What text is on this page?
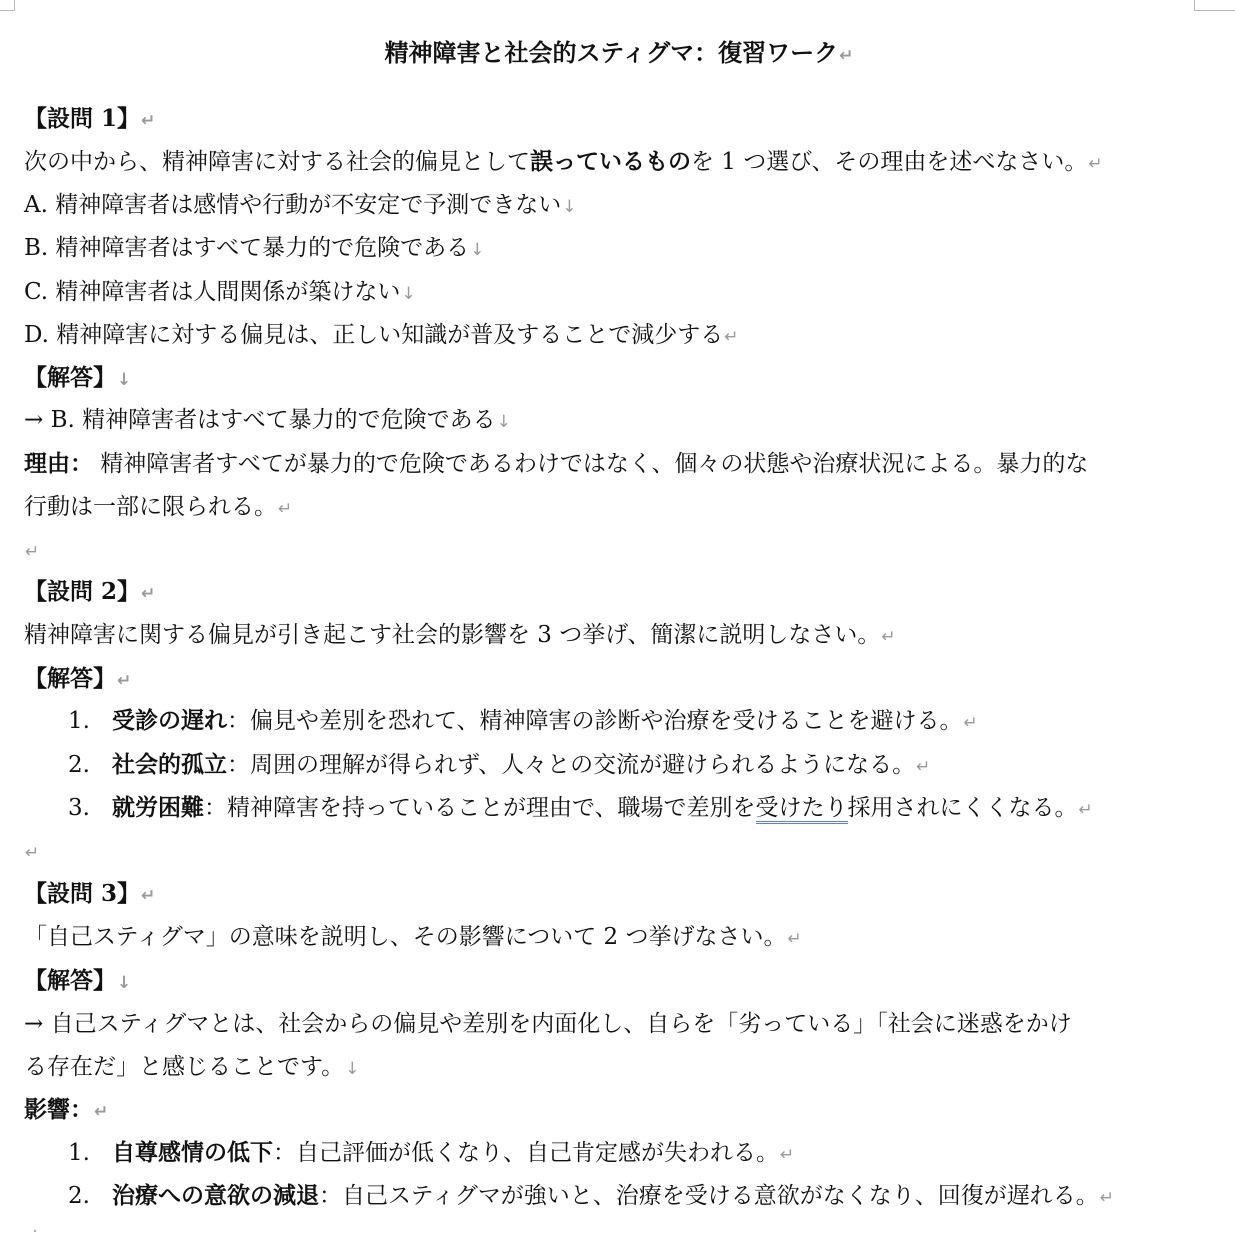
精神障害と社会的スティグマ：復習ワーク↵
【設問 1】↵
次の中から、精神障害に対する社会的偏見として誤っているものを 1 つ選び、その理由を述べなさい。↵
A. 精神障害者は感情や行動が不安定で予測できない↓
B. 精神障害者はすべて暴力的で危険である↓
C. 精神障害者は人間関係が築けない↓
D. 精神障害に対する偏見は、正しい知識が普及することで減少する↵
【解答】↓
→ B. 精神障害者はすべて暴力的で危険である↓
理由： 精神障害者すべてが暴力的で危険であるわけではなく、個々の状態や治療状況による。暴力的な
行動は一部に限られる。↵
↵
【設問 2】↵
精神障害に関する偏見が引き起こす社会的影響を 3 つ挙げ、簡潔に説明しなさい。↵
【解答】↵
1. 受診の遅れ：偏見や差別を恐れて、精神障害の診断や治療を受けることを避ける。↵
2. 社会的孤立：周囲の理解が得られず、人々との交流が避けられるようになる。↵
3. 就労困難：精神障害を持っていることが理由で、職場で差別を受けたり採用されにくくなる。↵
↵
【設問 3】↵
「自己スティグマ」の意味を説明し、その影響について 2 つ挙げなさい。↵
【解答】↓
→ 自己スティグマとは、社会からの偏見や差別を内面化し、自らを「劣っている」「社会に迷惑をかけ
る存在だ」と感じることです。↓
影響：↵
1. 自尊感情の低下：自己評価が低くなり、自己肯定感が失われる。↵
2. 治療への意欲の減退：自己スティグマが強いと、治療を受ける意欲がなくなり、回復が遅れる。↵
